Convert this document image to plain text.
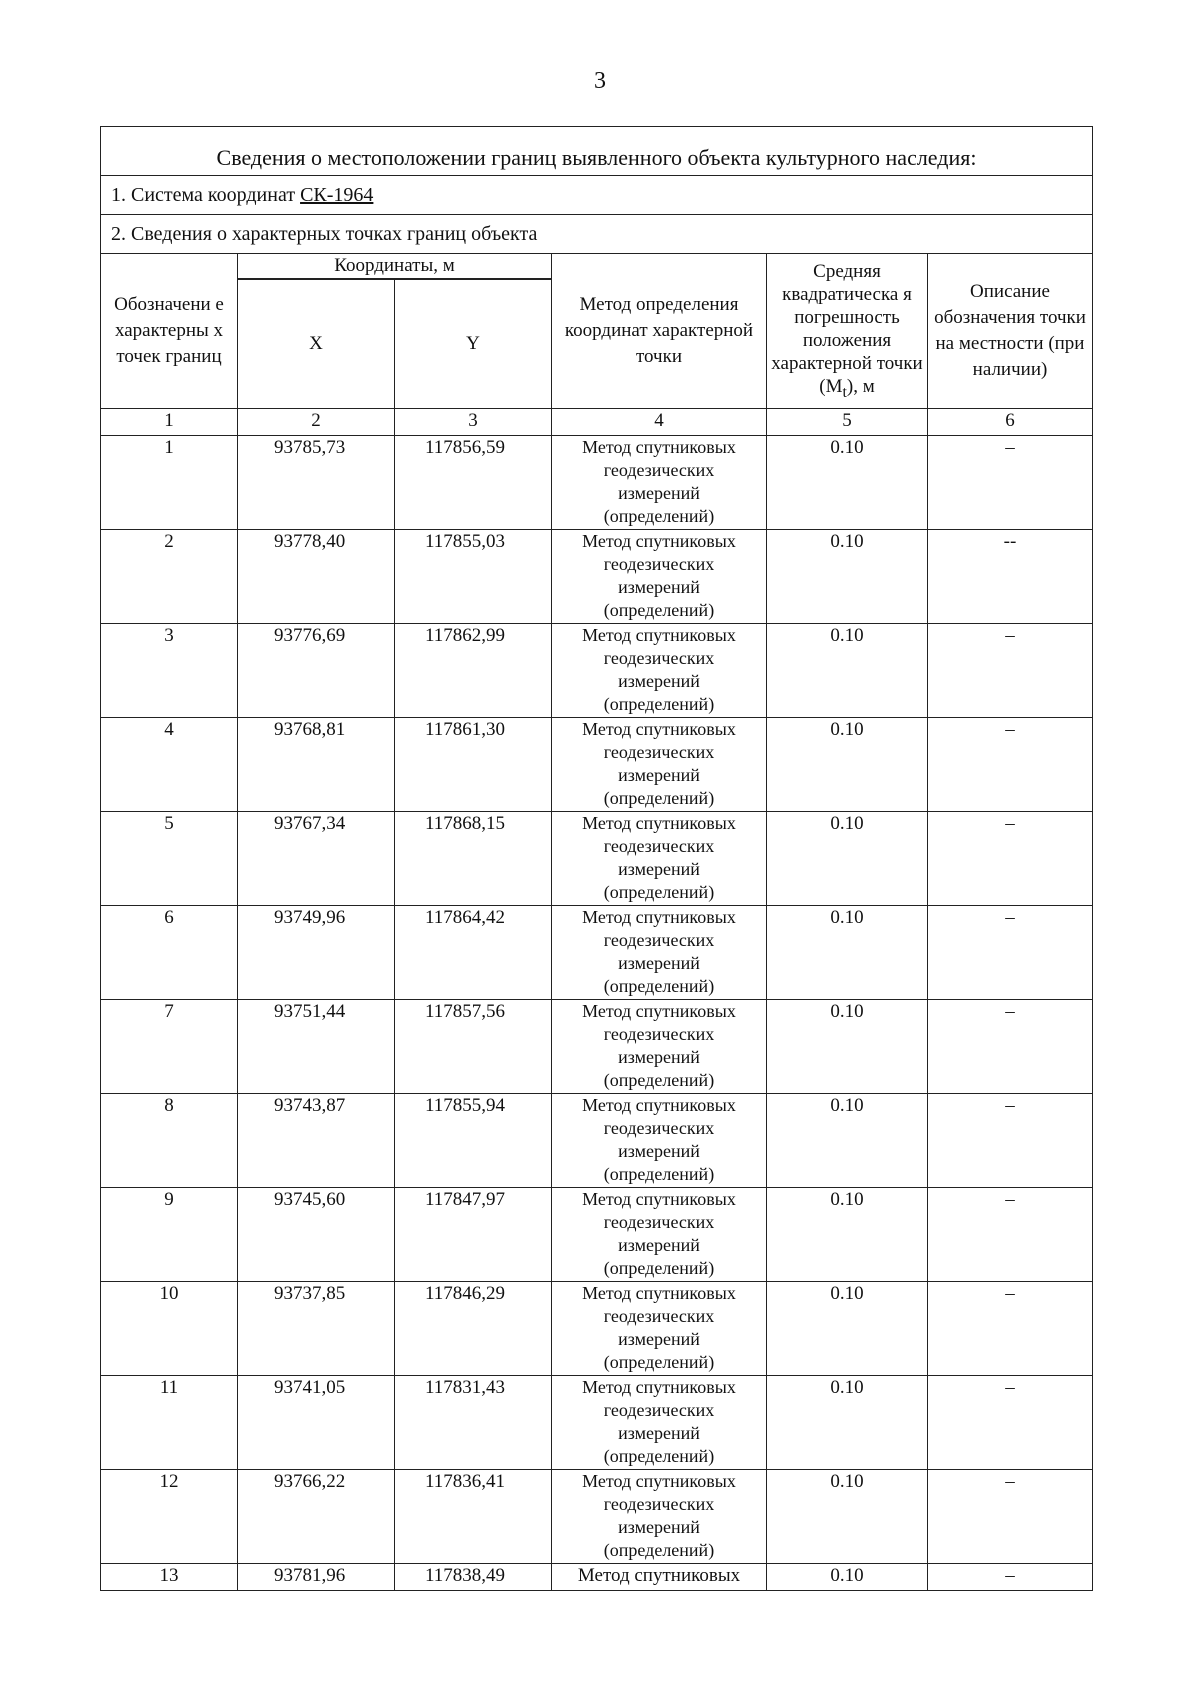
3
Сведения о местоположении границ выявленного объекта культурного наследия:					
1. Система координат СК-1964					
2. Сведения о характерных точках границ объекта					
Обозначени е характерны х точек границ	Координаты, м		Метод определения координат характерной точки	Средняя квадратическа я погрешность положения характерной точки $(M_t)$, м	Описание обозначения точки на местности (при наличии)
	X	Y			
1	2	3	4	5	6
1	93785,73	117856,59	Метод спутниковых
геодезических
измерений
(определений)	0.10	–
2	93778,40	117855,03	Метод спутниковых
геодезических
измерений
(определений)	0.10	--
3	93776,69	117862,99	Метод спутниковых
геодезических
измерений
(определений)	0.10	–
4	93768,81	117861,30	Метод спутниковых
геодезических
измерений
(определений)	0.10	–
5	93767,34	117868,15	Метод спутниковых
геодезических
измерений
(определений)	0.10	–
6	93749,96	117864,42	Метод спутниковых
геодезических
измерений
(определений)	0.10	–
7	93751,44	117857,56	Метод спутниковых
геодезических
измерений
(определений)	0.10	–
8	93743,87	117855,94	Метод спутниковых
геодезических
измерений
(определений)	0.10	–
9	93745,60	117847,97	Метод спутниковых
геодезических
измерений
(определений)	0.10	–
10	93737,85	117846,29	Метод спутниковых
геодезических
измерений
(определений)	0.10	–
11	93741,05	117831,43	Метод спутниковых
геодезических
измерений
(определений)	0.10	–
12	93766,22	117836,41	Метод спутниковых
геодезических
измерений
(определений)	0.10	–
13	93781,96	117838,49	Метод спутниковых	0.10	–
